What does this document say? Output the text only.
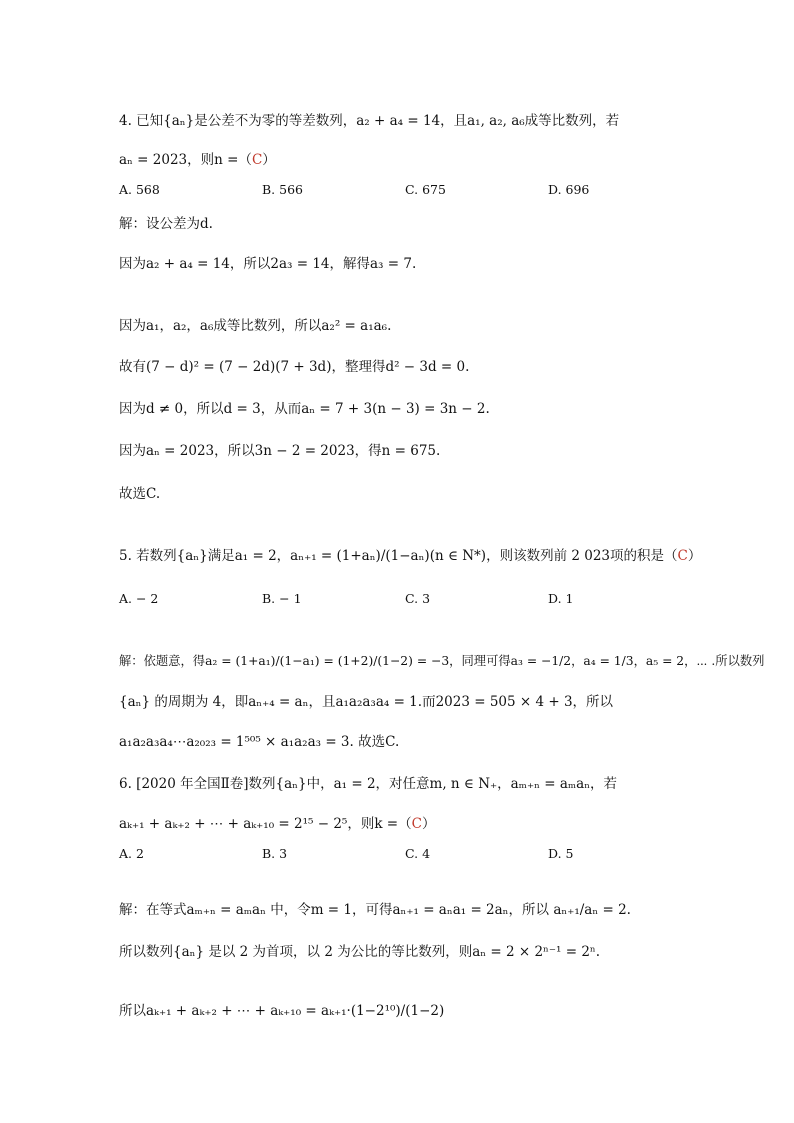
4. 已知{aₙ}是公差不为零的等差数列，a₂ + a₄ = 14，且a₁, a₂, a₆成等比数列，若
aₙ = 2023，则n =（C）
A. 568	B. 566	C. 675	D. 696
解：设公差为d.
因为a₂ + a₄ = 14，所以2a₃ = 14，解得a₃ = 7.
因为a₁，a₂，a₆成等比数列，所以a₂² = a₁a₆.
故有(7 − d)² = (7 − 2d)(7 + 3d)，整理得d² − 3d = 0.
因为d ≠ 0，所以d = 3，从而aₙ = 7 + 3(n − 3) = 3n − 2.
因为aₙ = 2023，所以3n − 2 = 2023，得n = 675.
故选C.
5. 若数列{aₙ}满足a₁ = 2，aₙ₊₁ = (1+aₙ)/(1−aₙ)(n ∈ N*)，则该数列前 2 023项的积是（C）
A. − 2	B. − 1	C. 3	D. 1
解：依题意，得a₂ = (1+a₁)/(1−a₁) = (1+2)/(1−2) = −3，同理可得a₃ = −1/2，a₄ = 1/3，a₅ = 2，⋯ .所以数列
{aₙ} 的周期为 4，即aₙ₊₄ = aₙ，且a₁a₂a₃a₄ = 1.而2023 = 505 × 4 + 3，所以
a₁a₂a₃a₄⋯a₂₀₂₃ = 1⁵⁰⁵ × a₁a₂a₃ = 3. 故选C.
6. [2020 年全国Ⅱ卷]数列{aₙ}中，a₁ = 2，对任意m, n ∈ N₊，aₘ₊ₙ = aₘaₙ，若
aₖ₊₁ + aₖ₊₂ + ⋯ + aₖ₊₁₀ = 2¹⁵ − 2⁵，则k =（C）
A. 2	B. 3	C. 4	D. 5
解：在等式aₘ₊ₙ = aₘaₙ 中，令m = 1，可得aₙ₊₁ = aₙa₁ = 2aₙ，所以 aₙ₊₁/aₙ = 2.
所以数列{aₙ} 是以 2 为首项，以 2 为公比的等比数列，则aₙ = 2 × 2ⁿ⁻¹ = 2ⁿ.
所以aₖ₊₁ + aₖ₊₂ + ⋯ + aₖ₊₁₀ = aₖ₊₁·(1−2¹⁰)/(1−2)
